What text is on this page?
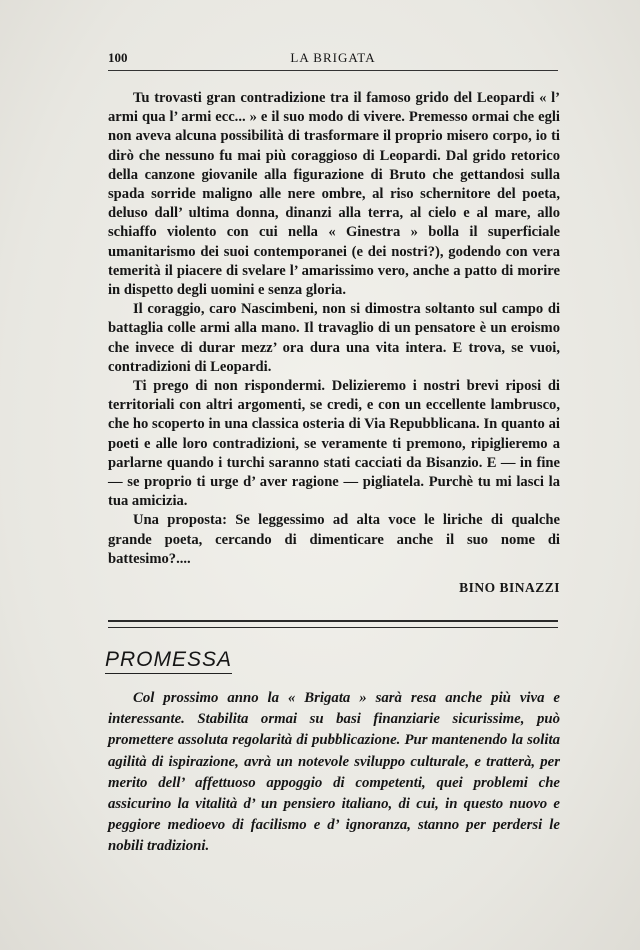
100	LA BRIGATA

Tu trovasti gran contradizione tra il famoso grido del Leopardi « l’ armi qua l’ armi ecc... » e il suo modo di vivere. Premesso ormai che egli non aveva alcuna possibilità di trasformare il proprio misero corpo, io ti dirò che nessuno fu mai più coraggioso di Leopardi. Dal grido retorico della canzone giovanile alla figurazione di Bruto che gettandosi sulla spada sorride maligno alle nere ombre, al riso schernitore del poeta, deluso dall’ ultima donna, dinanzi alla terra, al cielo e al mare, allo schiaffo violento con cui nella « Ginestra » bolla il superficiale umanitarismo dei suoi contemporanei (e dei nostri?), godendo con vera temerità il piacere di svelare l’ amarissimo vero, anche a patto di morire in dispetto degli uomini e senza gloria.

Il coraggio, caro Nascimbeni, non si dimostra soltanto sul campo di battaglia colle armi alla mano. Il travaglio di un pensatore è un eroismo che invece di durar mezz’ ora dura una vita intera. E trova, se vuoi, contradizioni di Leopardi.

Ti prego di non rispondermi. Delizieremo i nostri brevi riposi di territoriali con altri argomenti, se credi, e con un eccellente lambrusco, che ho scoperto in una classica osteria di Via Repubblicana. In quanto ai poeti e alle loro contradizioni, se veramente ti premono, ripiglieremo a parlarne quando i turchi saranno stati cacciati da Bisanzio. E — in fine — se proprio ti urge d’ aver ragione — pigliatela. Purchè tu mi lasci la tua amicizia.

Una proposta: Se leggessimo ad alta voce le liriche di qualche grande poeta, cercando di dimenticare anche il suo nome di battesimo?....

BINO BINAZZI
PROMESSA

Col prossimo anno la « Brigata » sarà resa anche più viva e interessante. Stabilita ormai su basi finanziarie sicurissime, può promettere assoluta regolarità di pubblicazione. Pur mantenendo la solita agilità di ispirazione, avrà un notevole sviluppo culturale, e tratterà, per merito dell’ affettuoso appoggio di competenti, quei problemi che assicurino la vitalità d’ un pensiero italiano, di cui, in questo nuovo e peggiore medioevo di facilismo e d’ ignoranza, stanno per perdersi le nobili tradizioni.
